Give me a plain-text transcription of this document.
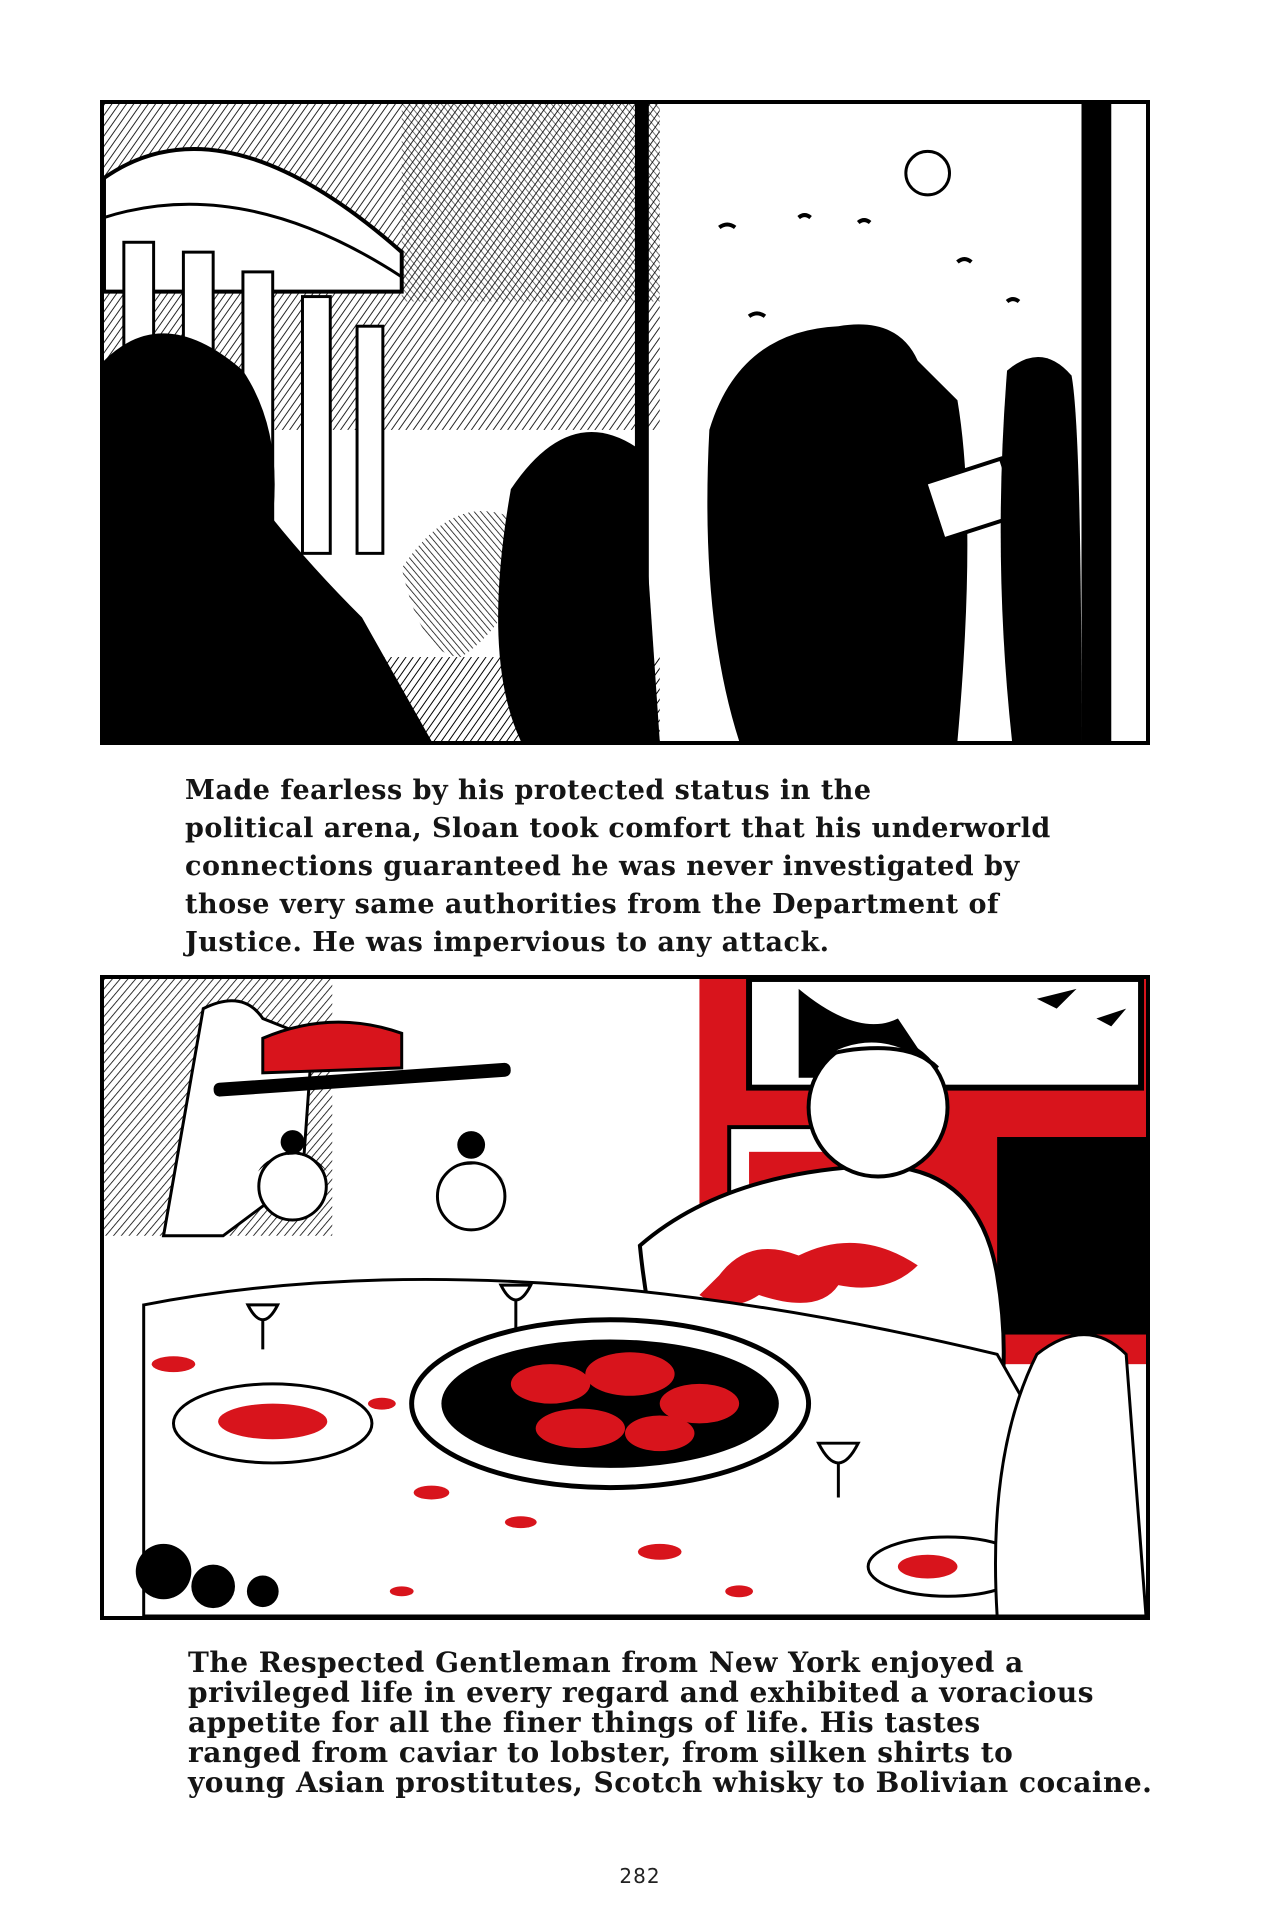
Made fearless by his protected status in the
political arena, Sloan took comfort that his underworld
connections guaranteed he was never investigated by
those very same authorities from the Department of
Justice. He was impervious to any attack.

The Respected Gentleman from New York enjoyed a
privileged life in every regard and exhibited a voracious
appetite for all the finer things of life. His tastes
ranged from caviar to lobster, from silken shirts to
young Asian prostitutes, Scotch whisky to Bolivian cocaine.

282
